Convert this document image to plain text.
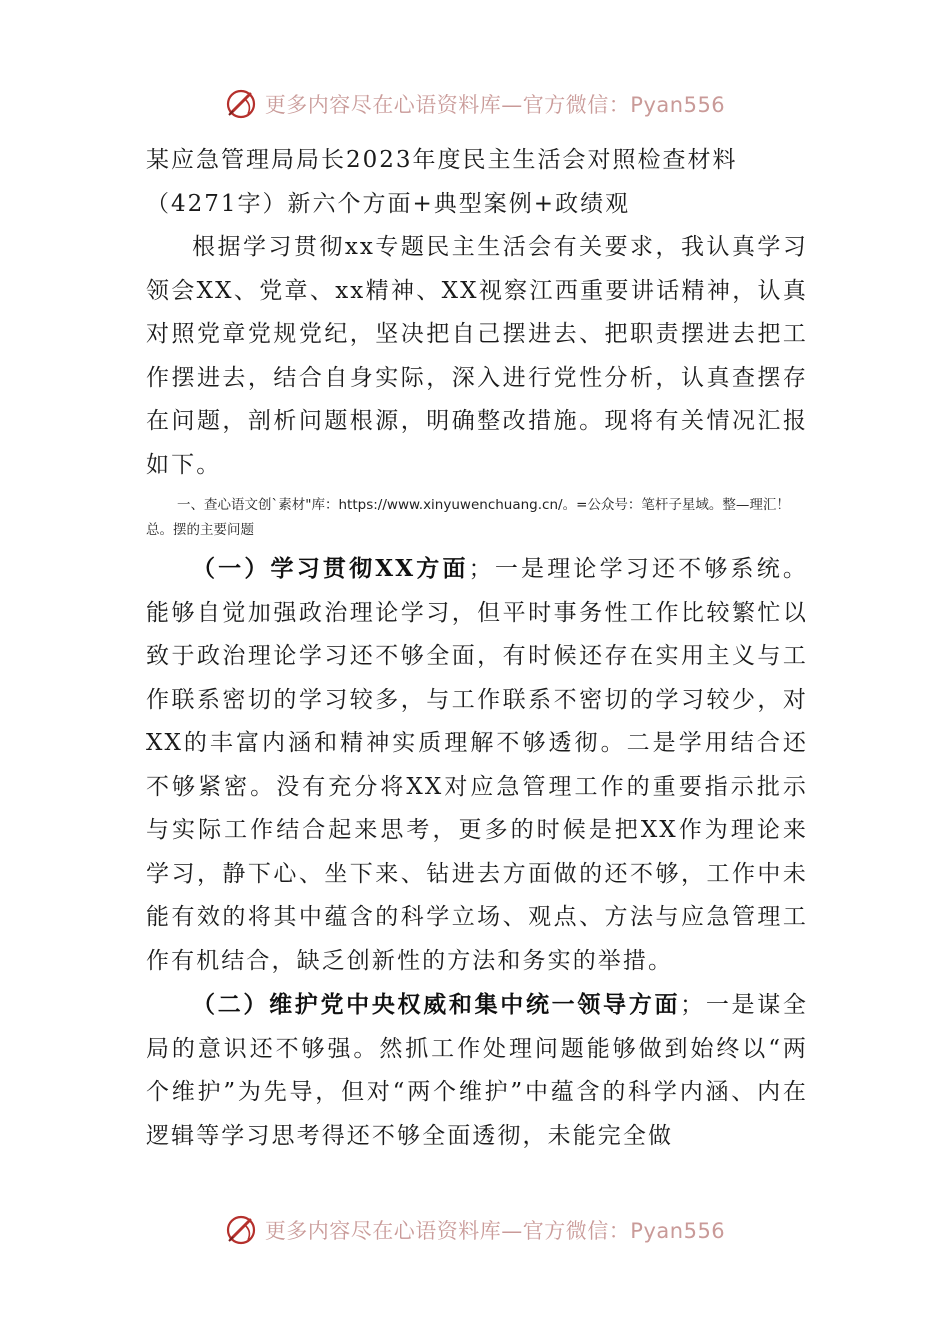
更多内容尽在心语资料库—官方微信：Pyan556

某应急管理局局长2023年度民主生活会对照检查材料

（4271字）新六个方面+典型案例+政绩观

根据学习贯彻xx专题民主生活会有关要求，我认真学习领会XX、党章、xx精神、XX视察江西重要讲话精神，认真对照党章党规党纪，坚决把自己摆进去、把职责摆进去把工作摆进去，结合自身实际，深入进行党性分析，认真查摆存在问题，剖析问题根源，明确整改措施。现将有关情况汇报如下。

一、查心语文创`素材"库：https://www.xinyuwenchuang.cn/。=公众号：笔杆子星域。整—理汇！总。摆的主要问题

（一）学习贯彻XX方面；一是理论学习还不够系统。能够自觉加强政治理论学习，但平时事务性工作比较繁忙以致于政治理论学习还不够全面，有时候还存在实用主义与工作联系密切的学习较多，与工作联系不密切的学习较少，对XX的丰富内涵和精神实质理解不够透彻。二是学用结合还不够紧密。没有充分将XX对应急管理工作的重要指示批示与实际工作结合起来思考，更多的时候是把XX作为理论来学习，静下心、坐下来、钻进去方面做的还不够，工作中未能有效的将其中蕴含的科学立场、观点、方法与应急管理工作有机结合，缺乏创新性的方法和务实的举措。

（二）维护党中央权威和集中统一领导方面；一是谋全局的意识还不够强。然抓工作处理问题能够做到始终以“两个维护”为先导，但对“两个维护”中蕴含的科学内涵、内在逻辑等学习思考得还不够全面透彻，未能完全做

更多内容尽在心语资料库—官方微信：Pyan556
